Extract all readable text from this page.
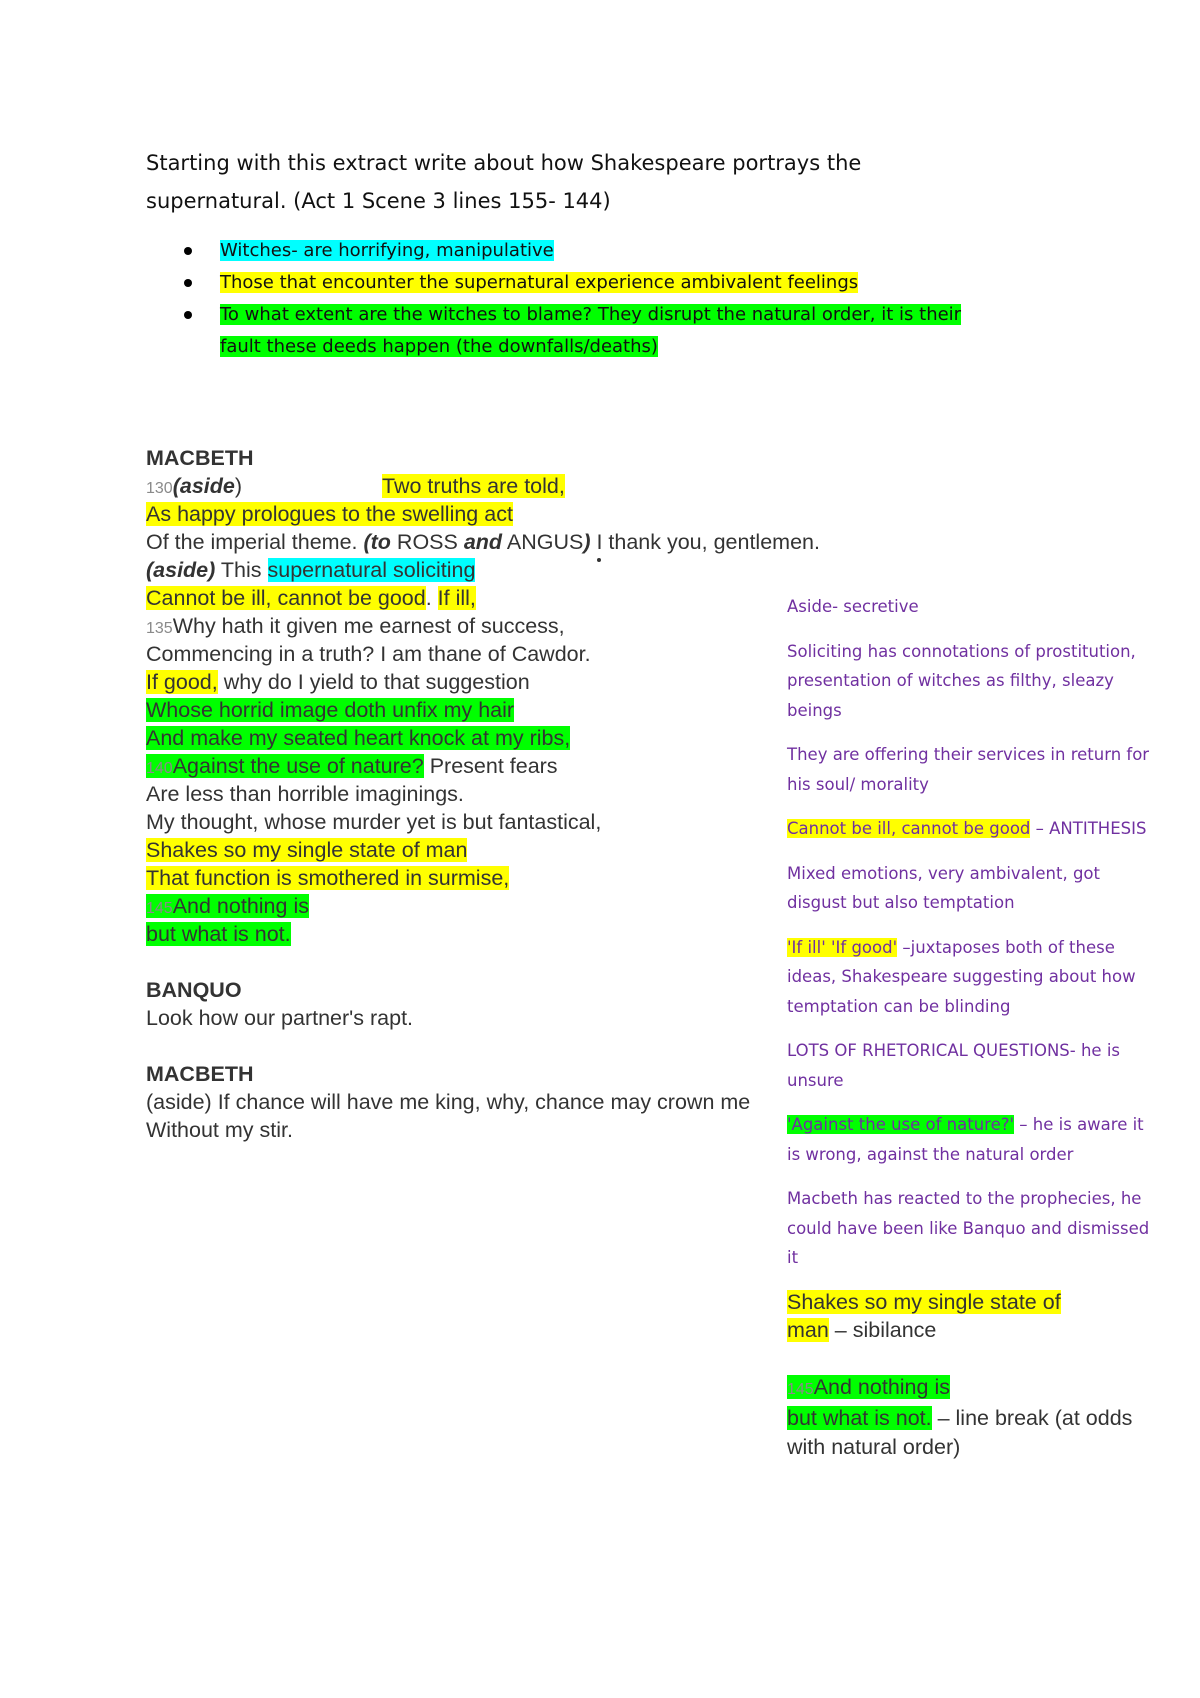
Starting with this extract write about how Shakespeare portrays the
supernatural. (Act 1 Scene 3 lines 155- 144)
Witches- are horrifying, manipulative
Those that encounter the supernatural experience ambivalent feelings
To what extent are the witches to blame? They disrupt the natural order, it is their
fault these deeds happen (the downfalls/deaths)
MACBETH
130(aside)	Two truths are told,
As happy prologues to the swelling act
Of the imperial theme. (to ROSS and ANGUS) I thank you, gentlemen.
(aside) This supernatural soliciting
Cannot be ill, cannot be good. If ill,
135Why hath it given me earnest of success,
Commencing in a truth? I am thane of Cawdor.
If good, why do I yield to that suggestion
Whose horrid image doth unfix my hair
And make my seated heart knock at my ribs,
140Against the use of nature? Present fears
Are less than horrible imaginings.
My thought, whose murder yet is but fantastical,
Shakes so my single state of man
That function is smothered in surmise,
145And nothing is
but what is not.
BANQUO
Look how our partner's rapt.
MACBETH
(aside) If chance will have me king, why, chance may crown me
Without my stir.

Aside- secretive

Soliciting has connotations of prostitution, presentation of witches as filthy, sleazy beings

They are offering their services in return for his soul/ morality

Cannot be ill, cannot be good – ANTITHESIS

Mixed emotions, very ambivalent, got disgust but also temptation

'If ill' 'If good' –juxtaposes both of these ideas, Shakespeare suggesting about how temptation can be blinding

LOTS OF RHETORICAL QUESTIONS- he is unsure

'Against the use of nature?' – he is aware it is wrong, against the natural order

Macbeth has reacted to the prophecies, he could have been like Banquo and dismissed it

Shakes so my single state of
man – sibilance

145And nothing is
but what is not. – line break (at odds with natural order)
